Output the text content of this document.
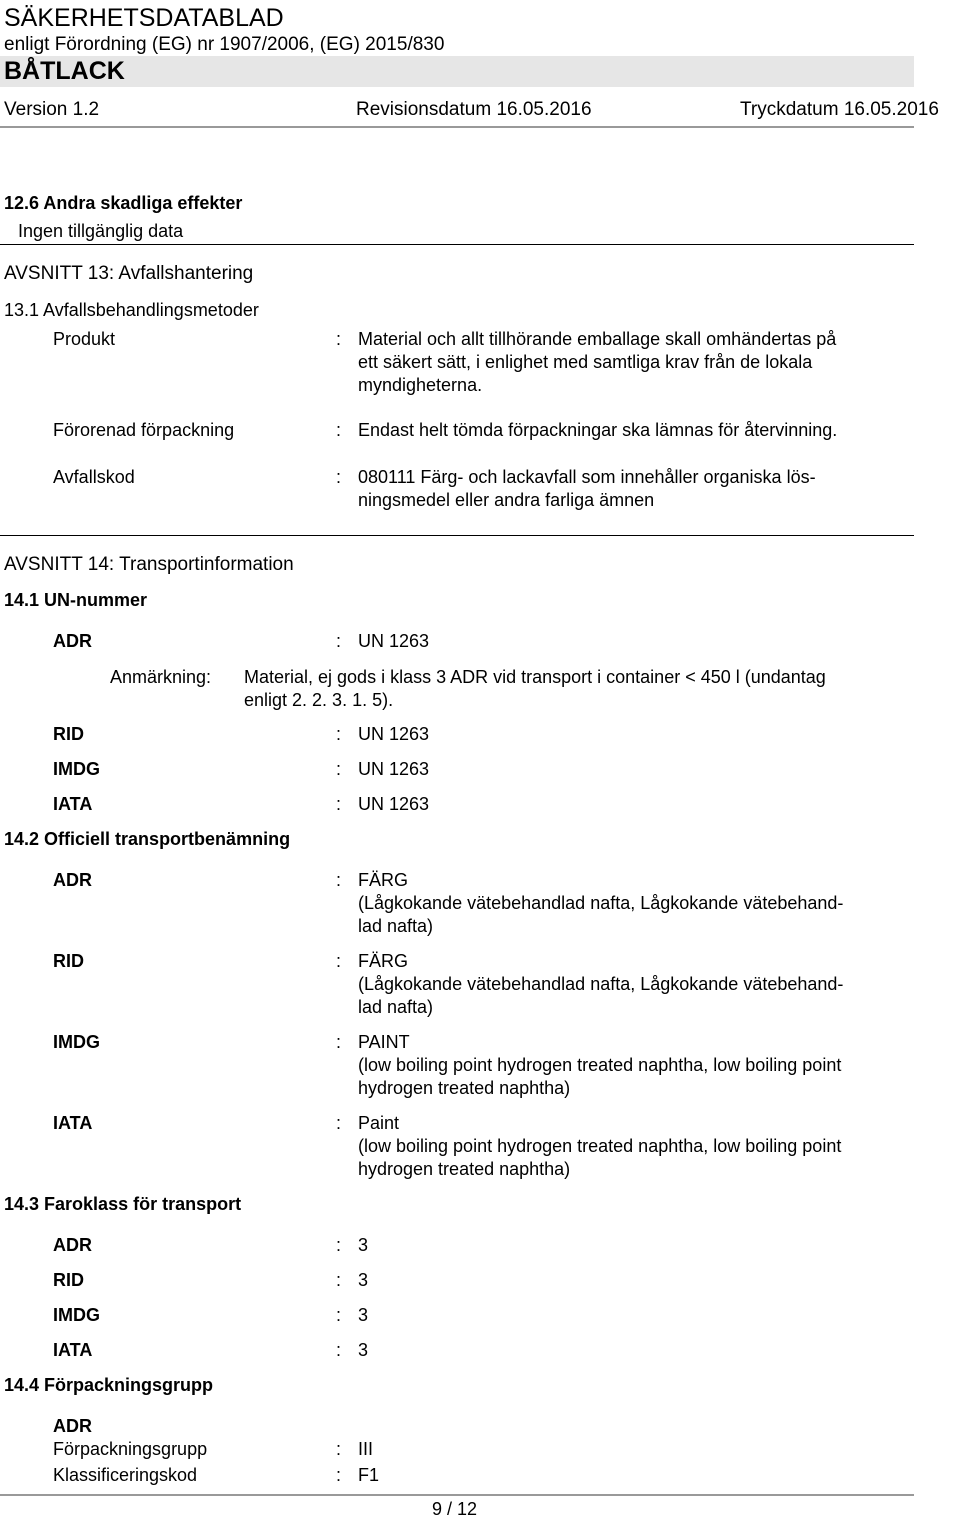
SÄKERHETSDATABLAD
enligt Förordning (EG) nr 1907/2006, (EG) 2015/830
BÅTLACK
Version 1.2	Revisionsdatum 16.05.2016	Tryckdatum 16.05.2016
12.6 Andra skadliga effekter
Ingen tillgänglig data
AVSNITT 13: Avfallshantering
13.1 Avfallsbehandlingsmetoder
Produkt	: Material och allt tillhörande emballage skall omhändertas på
ett säkert sätt, i enlighet med samtliga krav från de lokala
myndigheterna.
Förorenad förpackning	: Endast helt tömda förpackningar ska lämnas för återvinning.
Avfallskod	: 080111 Färg- och lackavfall som innehåller organiska lös-
ningsmedel eller andra farliga ämnen
AVSNITT 14: Transportinformation
14.1 UN-nummer
ADR	: UN 1263
Anmärkning: Material, ej gods i klass 3 ADR vid transport i container < 450 l (undantag
enligt 2. 2. 3. 1. 5).
RID	: UN 1263
IMDG	: UN 1263
IATA	: UN 1263
14.2 Officiell transportbenämning
ADR	: FÄRG
(Lågkokande vätebehandlad nafta, Lågkokande vätebehand-
lad nafta)
RID	: FÄRG
(Lågkokande vätebehandlad nafta, Lågkokande vätebehand-
lad nafta)
IMDG	: PAINT
(low boiling point hydrogen treated naphtha, low boiling point
hydrogen treated naphtha)
IATA	: Paint
(low boiling point hydrogen treated naphtha, low boiling point
hydrogen treated naphtha)
14.3 Faroklass för transport
ADR	: 3
RID	: 3
IMDG	: 3
IATA	: 3
14.4 Förpackningsgrupp
ADR
Förpackningsgrupp	: III
Klassificeringskod	: F1
9 / 12
